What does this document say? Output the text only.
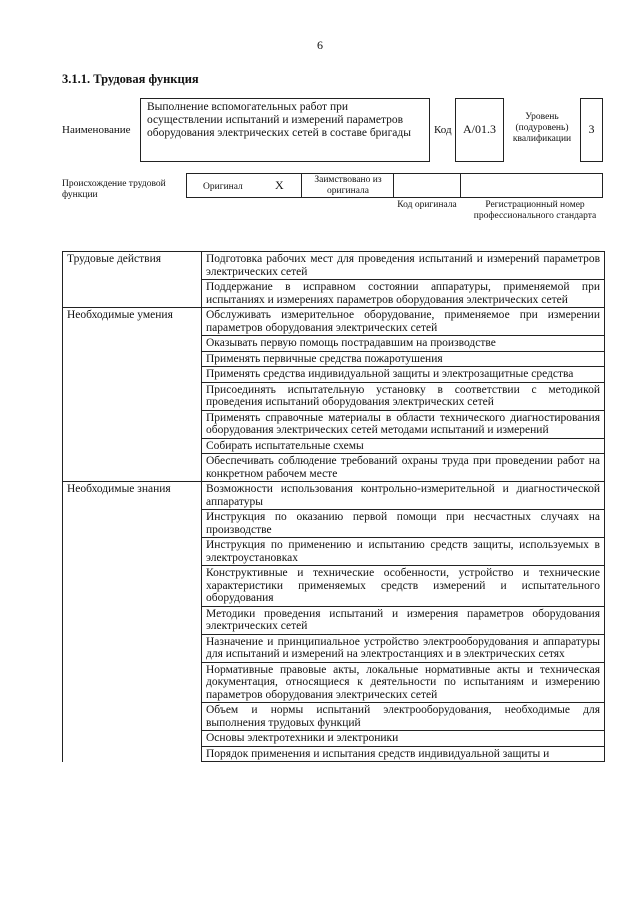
6
3.1.1. Трудовая функция
Наименование
Выполнение вспомогательных работ при осуществлении испытаний и измерений параметров оборудования электрических сетей в составе бригады	Код A/01.3
Уровень (подуровень) квалификации
3
Происхождение трудовой функции
Оригинал	X	Заимствовано из оригинала
Код оригинала	Регистрационный номер профессионального стандарта
Трудовые действия	Подготовка рабочих мест для проведения испытаний и измерений параметров электрических сетей
	Поддержание в исправном состоянии аппаратуры, применяемой при испытаниях и измерениях параметров оборудования электрических сетей
Необходимые умения	Обслуживать измерительное оборудование, применяемое при измерении параметров оборудования электрических сетей
	Оказывать первую помощь пострадавшим на производстве
	Применять первичные средства пожаротушения
	Применять средства индивидуальной защиты и электрозащитные средства
	Присоединять испытательную установку в соответствии с методикой проведения испытаний оборудования электрических сетей
	Применять справочные материалы в области технического диагностирования оборудования электрических сетей методами испытаний и измерений
	Собирать испытательные схемы
	Обеспечивать соблюдение требований охраны труда при проведении работ на конкретном рабочем месте
Необходимые знания	Возможности использования контрольно-измерительной и диагностической аппаратуры
	Инструкция по оказанию первой помощи при несчастных случаях на производстве
	Инструкция по применению и испытанию средств защиты, используемых в электроустановках
	Конструктивные и технические особенности, устройство и технические характеристики применяемых средств измерений и испытательного оборудования
	Методики проведения испытаний и измерения параметров оборудования электрических сетей
	Назначение и принципиальное устройство электрооборудования и аппаратуры для испытаний и измерений на электростанциях и в электрических сетях
	Нормативные правовые акты, локальные нормативные акты и техническая документация, относящиеся к деятельности по испытаниям и измерению параметров оборудования электрических сетей
	Объем и нормы испытаний электрооборудования, необходимые для выполнения трудовых функций
	Основы электротехники и электроники
	Порядок применения и испытания средств индивидуальной защиты и
